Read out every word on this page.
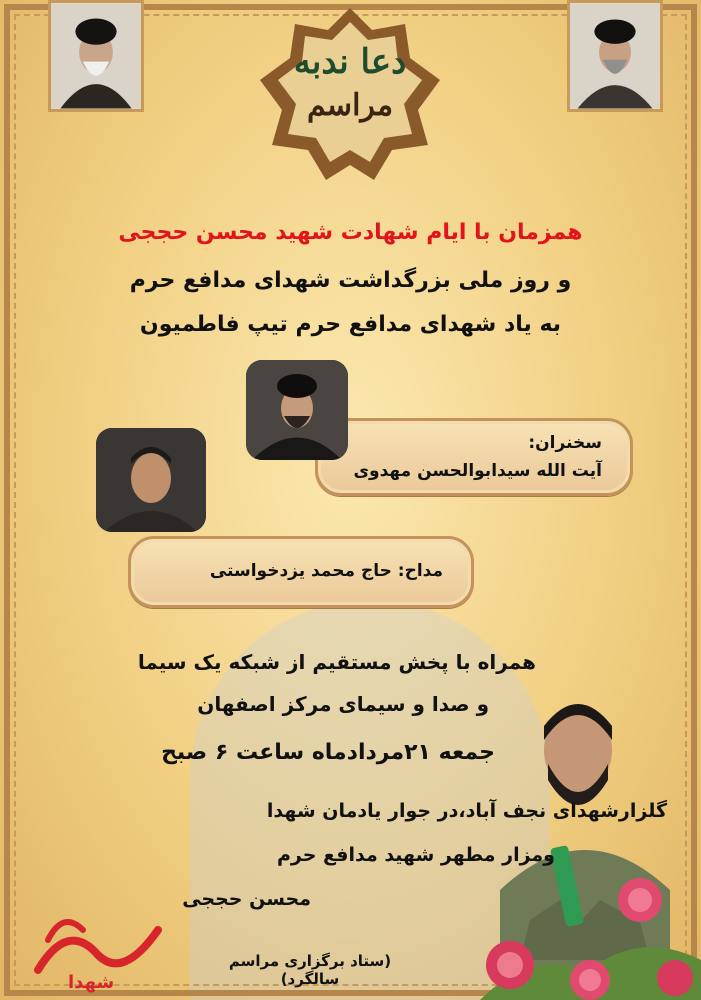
دعا ندبه
مراسم
همزمان با ایام شهادت شهید محسن حججی
و روز ملی بزرگداشت شهدای مدافع حرم
به یاد شهدای مدافع حرم تیپ فاطمیون
سخنران:
آیت الله سیدابوالحسن مهدوی
مداح: حاج محمد یزدخواستی
همراه با پخش مستقیم از شبکه یک سیما
و صدا و سیمای مرکز اصفهان
جمعه ۲۱مردادماه ساعت ۶ صبح
گلزارشهدای نجف آباد،در جوار یادمان شهدا
ومزار مطهر شهید مدافع حرم
محسن حججی
(ستاد برگزاری مراسم سالگرد)
شهدا
